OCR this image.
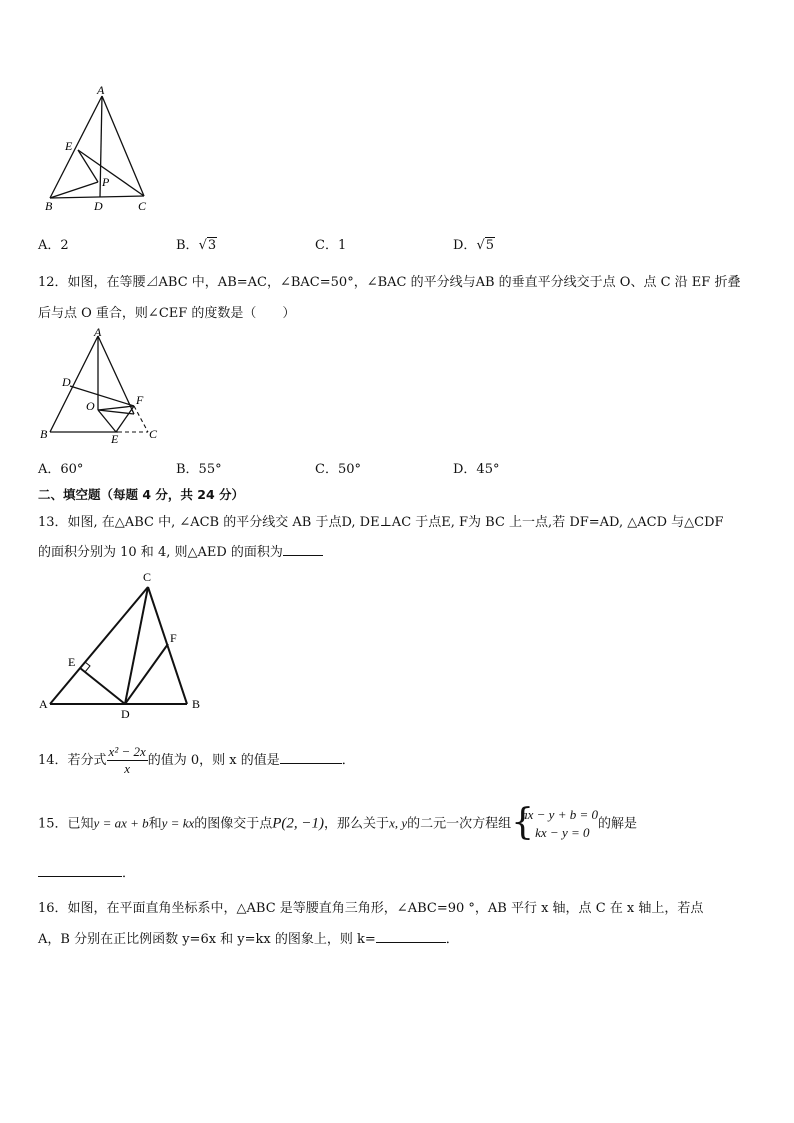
A
E
P
B	D	C
A．2	B．√3	C．1	D．√5
12．如图，在等腰⊿ABC 中，AB=AC，∠BAC=50°，∠BAC 的平分线与AB 的垂直平分线交于点 O、点 C 沿 EF 折叠
后与点 O 重合，则∠CEF 的度数是（　　）
A
D
O	F
B	E	C
A．60°	B．55°	C．50°	D．45°
二、填空题（每题 4 分，共 24 分）
13．如图, 在△ABC 中, ∠ACB 的平分线交 AB 于点D, DE⊥AC 于点E, F为 BC 上一点,若 DF=AD, △ACD 与△CDF
的面积分别为 10 和 4, 则△AED 的面积为
C
F
E
A
D
B
14．若分式 $\frac{\text{x² − 2x}}{x}$ 的值为 0，则 x 的值是	．
15．已知y = ax + b和y = kx的图像交于点P(2, −1)，那么关于x, y的二元一次方程组 {
ax − y + b = 0
kx − y = 0
的解是
．
16．如图，在平面直角坐标系中，△ABC 是等腰直角三角形，∠ABC=90 °，AB 平行 x 轴，点 C 在 x 轴上，若点
A，B 分别在正比例函数 y=6x 和 y=kx 的图象上，则 k=	．
